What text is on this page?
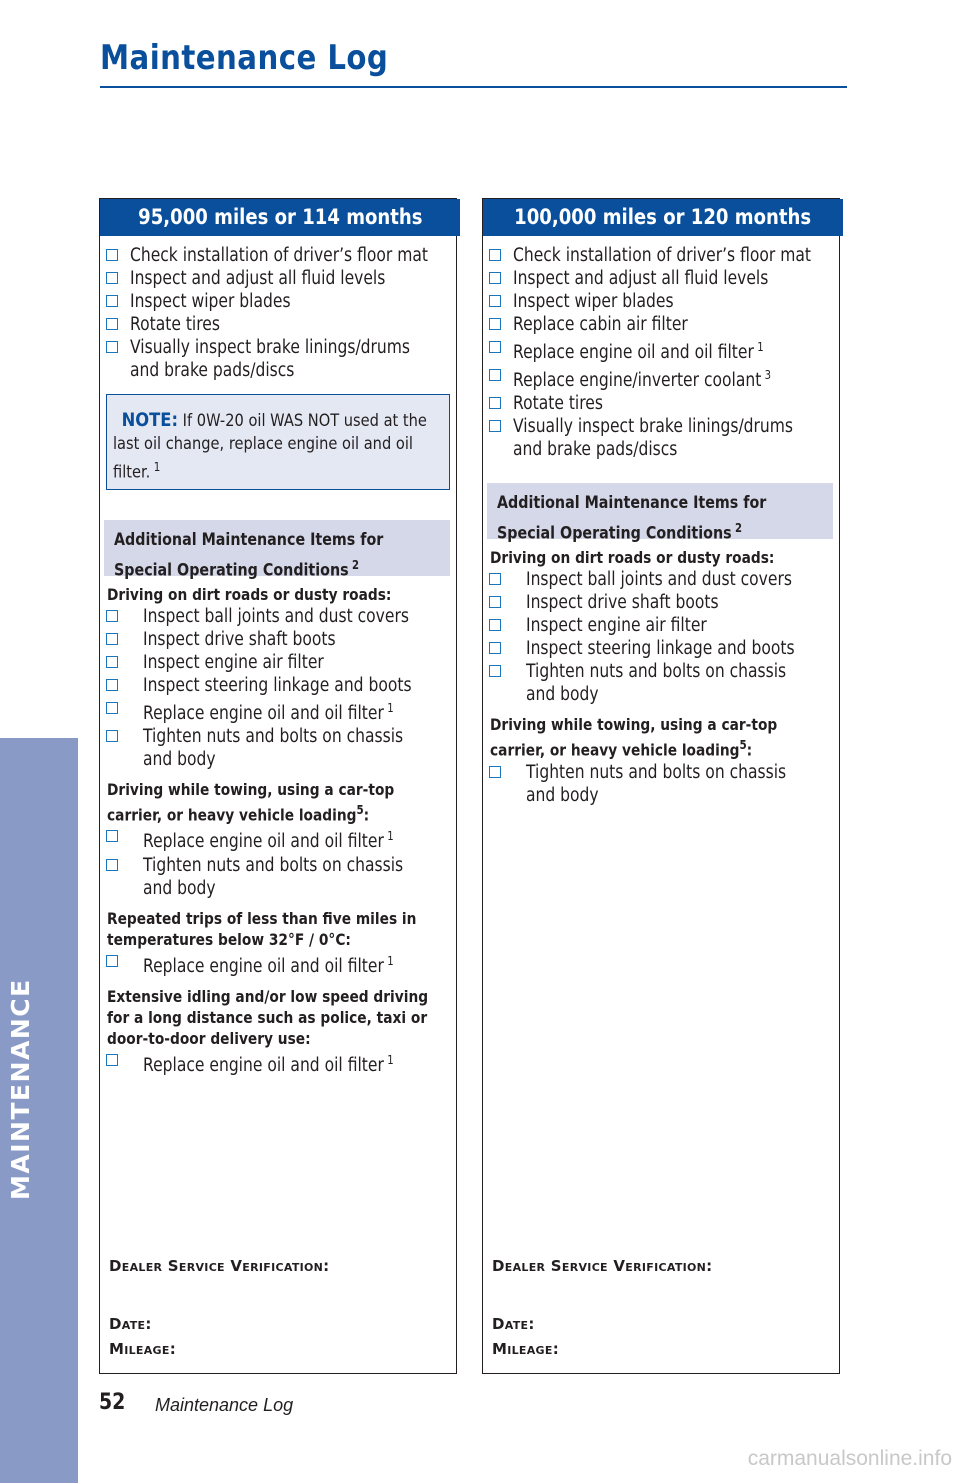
Maintenance Log
MAINTENANCE
95,000 miles or 114 months
Check installation of driver’s floor mat
Inspect and adjust all fluid levels
Inspect wiper blades
Rotate tires
Visually inspect brake linings/drums
and brake pads/discs
NOTE: If 0W-20 oil WAS NOT used at the last oil change, replace engine oil and oil filter. $^1$
Additional Maintenance Items for
Special Operating Conditions $^2$
Driving on dirt roads or dusty roads:
Inspect ball joints and dust covers
Inspect drive shaft boots
Inspect engine air filter
Inspect steering linkage and boots
Replace engine oil and oil filter $^1$
Tighten nuts and bolts on chassis
and body
Driving while towing, using a car-top carrier, or heavy vehicle loading$^5$:
Replace engine oil and oil filter $^1$
Tighten nuts and bolts on chassis
and body
Repeated trips of less than five miles in temperatures below 32°F / 0°C:
Replace engine oil and oil filter $^1$
Extensive idling and/or low speed driving for a long distance such as police, taxi or door-to-door delivery use:
Replace engine oil and oil filter $^1$
Dealer Service Verification:
Date:
Mileage:
100,000 miles or 120 months
Check installation of driver’s floor mat
Inspect and adjust all fluid levels
Inspect wiper blades
Replace cabin air filter
Replace engine oil and oil filter $^1$
Replace engine/inverter coolant $^3$
Rotate tires
Visually inspect brake linings/drums
and brake pads/discs
Additional Maintenance Items for
Special Operating Conditions $^2$
Driving on dirt roads or dusty roads:
Inspect ball joints and dust covers
Inspect drive shaft boots
Inspect engine air filter
Inspect steering linkage and boots
Tighten nuts and bolts on chassis
and body
Driving while towing, using a car-top carrier, or heavy vehicle loading$^5$:
Tighten nuts and bolts on chassis
and body
Dealer Service Verification:
Date:
Mileage:
52 Maintenance Log
carmanualsonline.info
